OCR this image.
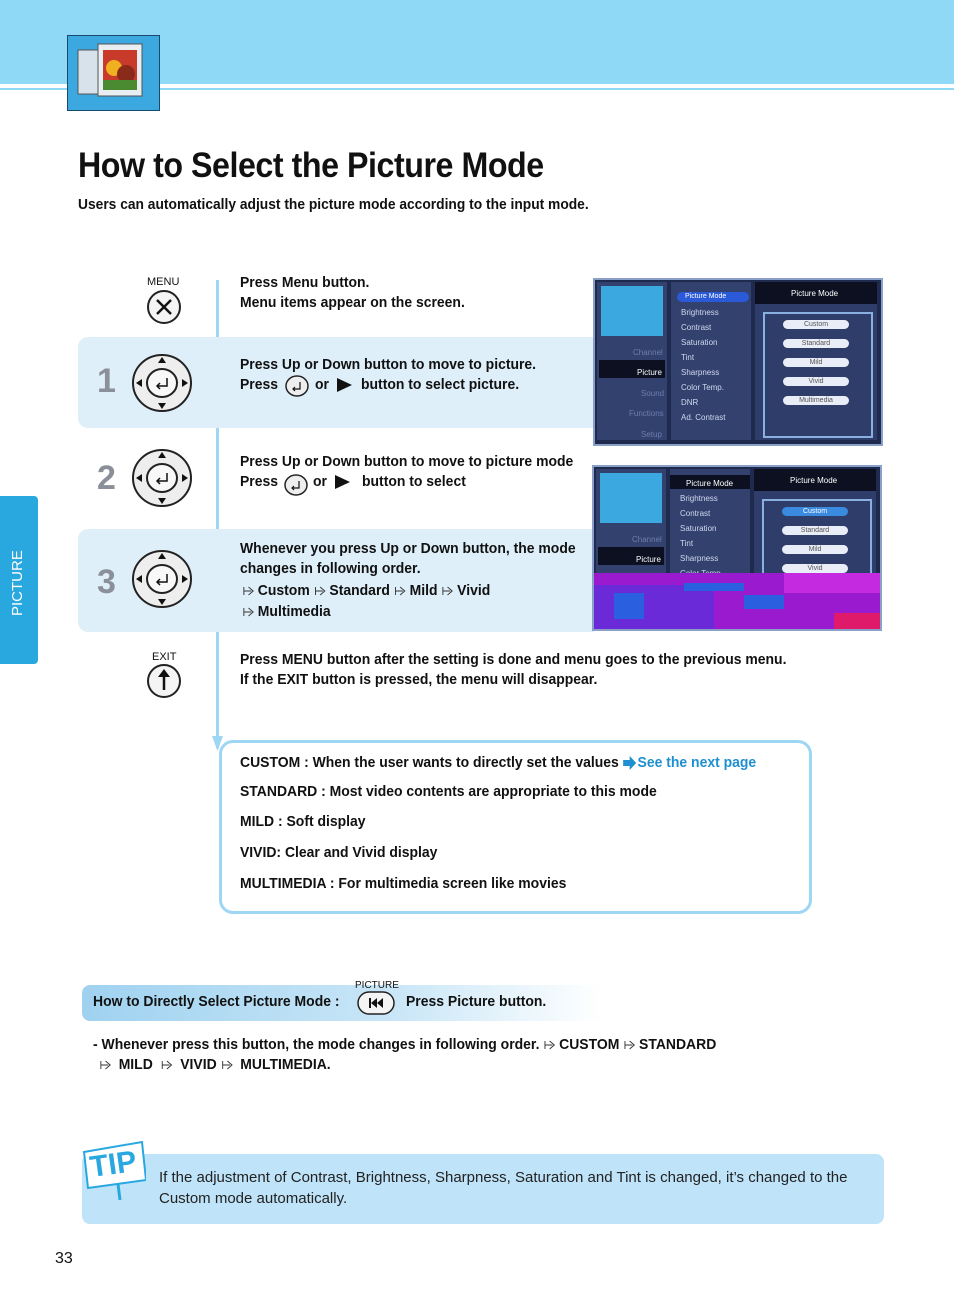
How to Select the Picture Mode
Users can automatically adjust the picture mode according to the input mode.
PICTURE
MENU	Press Menu button.
Menu items appear on the screen.
1	Press Up or Down button to move to picture.
Press or button to select picture.
2	Press Up or Down button to move to picture mode
Press or button to select
3
Whenever you press Up or Down button, the mode
changes in following order.
Custom Standard Mild Vivid
Multimedia
EXIT	Press MENU button after the setting is done and menu goes to the previous menu.
If the EXIT button is pressed, the menu will disappear.
Channel
Picture
Sound
Functions
Setup
Picture Mode
Brightness
Contrast
Saturation
Tint
Sharpness
Color Temp.
DNR
Ad. Contrast
Picture Mode
Custom
Standard
Mild
Vivid
Multimedia
Channel
Picture
Picture Mode
Brightness
Contrast
Saturation
Tint
Sharpness
Picture Mode
Custom
Standard
Mild
Vivid
CUSTOM : When the user wants to directly set the values See the next page
STANDARD : Most video contents are appropriate to this mode
MILD : Soft display
VIVID: Clear and Vivid display
MULTIMEDIA : For multimedia screen like movies
How to Directly Select Picture Mode :
PICTURE
Press Picture button.
- Whenever press this button, the mode changes in following order. CUSTOM STANDARD
MILD VIVID MULTIMEDIA.
TIP If the adjustment of Contrast, Brightness, Sharpness, Saturation and Tint is changed, it’s changed to the
Custom mode automatically.
33
